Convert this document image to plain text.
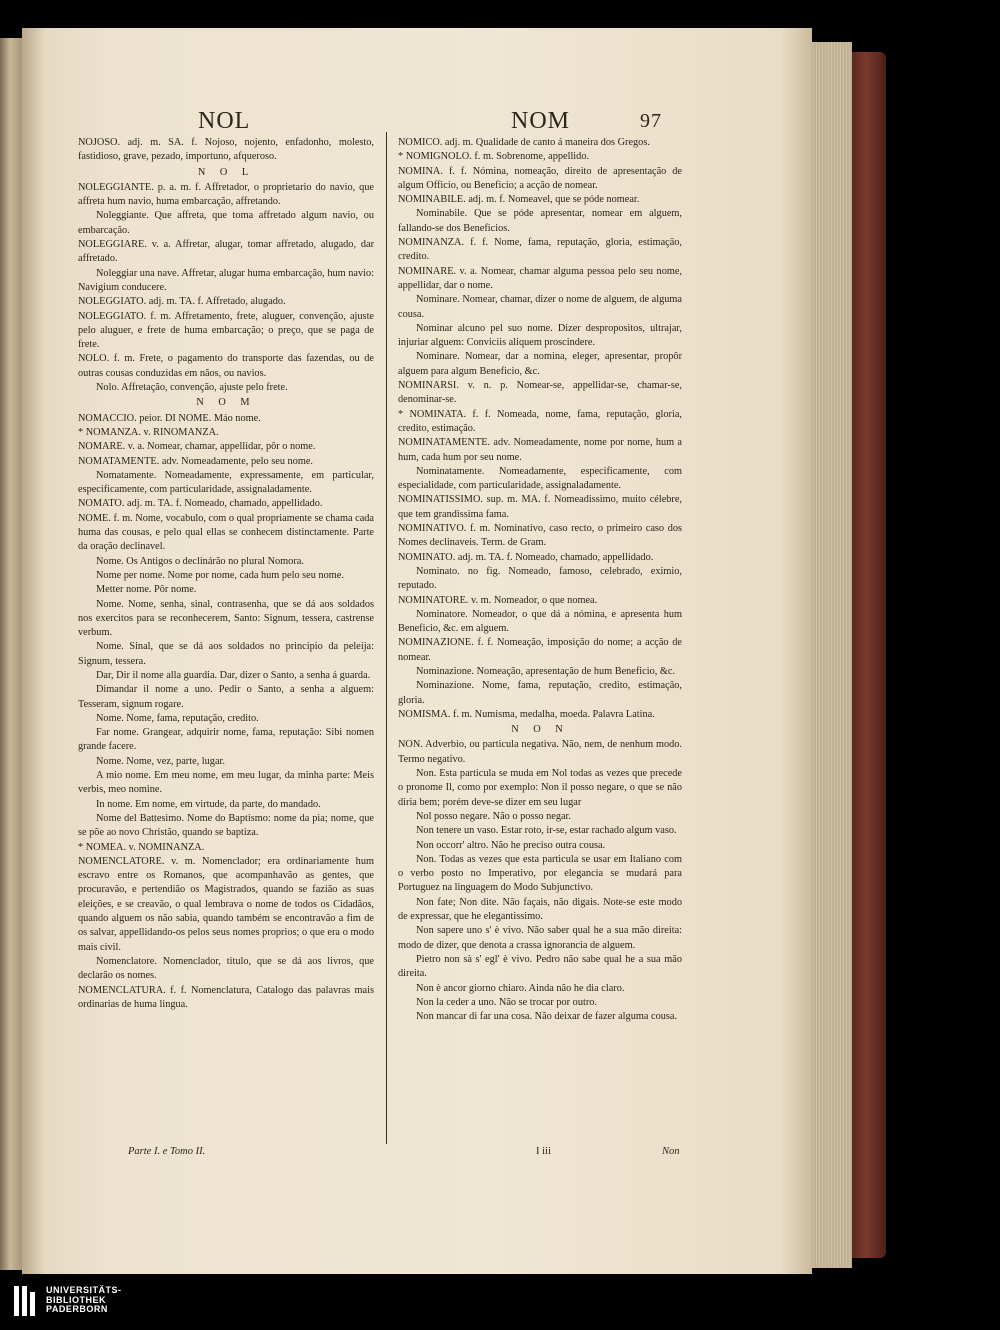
NOL	NOM	97

NOJOSO. adj. m. SA. f. Nojoso, nojento, enfadonho, molesto, fastidioso, grave, pezado, importuno, afqueroso.

N O L

NOLEGGIANTE. p. a. m. f. Affretador, o proprietario do navio, que affreta hum navio, huma embarcação, affretando.

Noleggiante. Que affreta, que toma affretado algum navio, ou embarcação.

NOLEGGIARE. v. a. Affretar, alugar, tomar affretado, alugado, dar affretado.

Noleggiar una nave. Affretar, alugar huma embarcação, hum navio: Navigium conducere.

NOLEGGIATO. adj. m. TA. f. Affretado, alugado.

NOLEGGIATO. f. m. Affretamento, frete, aluguer, convenção, ajuste pelo aluguer, e frete de huma embarcação; o preço, que se paga de frete.

NOLO. f. m. Frete, o pagamento do transporte das fazendas, ou de outras cousas conduzidas em nãos, ou navios.

Nolo. Affretação, convenção, ajuste pelo frete.

N O M

NOMACCIO. peior. DI NOME. Máo nome.

* NOMANZA. v. RINOMANZA.

NOMARE. v. a. Nomear, chamar, appellidar, pôr o nome.

NOMATAMENTE. adv. Nomeadamente, pelo seu nome.

Nomatamente. Nomeadamente, expressamente, em particular, especificamente, com particularidade, assignaladamente.

NOMATO. adj. m. TA. f. Nomeado, chamado, appellidado.

NOME. f. m. Nome, vocabulo, com o qual propriamente se chama cada huma das cousas, e pelo qual ellas se conhecem distinctamente. Parte da oração declinavel.

Nome. Os Antigos o declinárão no plural Nomora.

Nome per nome. Nome por nome, cada hum pelo seu nome.

Metter nome. Pôr nome.

Nome. Nome, senha, sinal, contrasenha, que se dá aos soldados nos exercitos para se reconhecerem, Santo: Signum, tessera, castrense verbum.

Nome. Sinal, que se dá aos soldados no principio da peleija: Signum, tessera.

Dar, Dir il nome alla guardia. Dar, dizer o Santo, a senha á guarda.

Dimandar il nome a uno. Pedir o Santo, a senha a alguem: Tesseram, signum rogare.

Nome. Nome, fama, reputação, credito.

Far nome. Grangear, adquirir nome, fama, reputação: Sibi nomen grande facere.

Nome. Nome, vez, parte, lugar.

A mio nome. Em meu nome, em meu lugar, da minha parte: Meis verbis, meo nomine.

In nome. Em nome, em virtude, da parte, do mandado.

Nome del Battesimo. Nome do Baptismo: nome da pia; nome, que se põe ao novo Christão, quando se baptiza.

* NOMEA. v. NOMINANZA.

NOMENCLATORE. v. m. Nomenclador; era ordinariamente hum escravo entre os Romanos, que acompanhavão as gentes, que procuravão, e pertendião os Magistrados, quando se fazião as suas eleições, e se creavão, o qual lembrava o nome de todos os Cidadãos, quando alguem os não sabia, quando também se encontravão a fim de os salvar, appellidando-os pelos seus nomes proprios; o que era o modo mais civil.

Nomenclatore. Nomenclador, titulo, que se dá aos livros, que declarão os nomes.

NOMENCLATURA. f. f. Nomenclatura, Catalogo das palavras mais ordinarias de huma lingua.

NOMICO. adj. m. Qualidade de canto á maneira dos Gregos.

* NOMIGNOLO. f. m. Sobrenome, appellido.

NOMINA. f. f. Nómina, nomeação, direito de apresentação de algum Officio, ou Beneficio; a acção de nomear.

NOMINABILE. adj. m. f. Nomeavel, que se póde nomear.

Nominabile. Que se póde apresentar, nomear em alguem, fallando-se dos Beneficios.

NOMINANZA. f. f. Nome, fama, reputação, gloria, estimação, credito.

NOMINARE. v. a. Nomear, chamar alguma pessoa pelo seu nome, appellidar, dar o nome.

Nominare. Nomear, chamar, dizer o nome de alguem, de alguma cousa.

Nominar alcuno pel suo nome. Dizer despropositos, ultrajar, injuriar alguem: Conviciis aliquem proscindere.

Nominare. Nomear, dar a nomina, eleger, apresentar, propôr alguem para algum Beneficio, &c.

NOMINARSI. v. n. p. Nomear-se, appellidar-se, chamar-se, denominar-se.

* NOMINATA. f. f. Nomeada, nome, fama, reputação, gloria, credito, estimação.

NOMINATAMENTE. adv. Nomeadamente, nome por nome, hum a hum, cada hum por seu nome.

Nominatamente. Nomeadamente, especificamente, com especialidade, com particularidade, assignaladamente.

NOMINATISSIMO. sup. m. MA. f. Nomeadissimo, muito célebre, que tem grandissima fama.

NOMINATIVO. f. m. Nominativo, caso recto, o primeiro caso dos Nomes declinaveis. Term. de Gram.

NOMINATO. adj. m. TA. f. Nomeado, chamado, appellidado.

Nominato. no fig. Nomeado, famoso, celebrado, eximio, reputado.

NOMINATORE. v. m. Nomeador, o que nomea.

Nominatore. Nomeador, o que dá a nómina, e apresenta hum Beneficio, &c. em alguem.

NOMINAZIONE. f. f. Nomeação, imposição do nome; a acção de nomear.

Nominazione. Nomeação, apresentação de hum Beneficio, &c.

Nominazione. Nome, fama, reputação, credito, estimação, gloria.

NOMISMA. f. m. Numisma, medalha, moeda. Palavra Latina.

N O N

NON. Adverbio, ou particula negativa. Não, nem, de nenhum modo. Termo negativo.

Non. Esta particula se muda em Nol todas as vezes que precede o pronome Il, como por exemplo: Non il posso negare, o que se não diria bem; porém deve-se dizer em seu lugar

Nol posso negare. Não o posso negar.

Non tenere un vaso. Estar roto, ir-se, estar rachado algum vaso.

Non occorr' altro. Não he preciso outra cousa.

Non. Todas as vezes que esta particula se usar em Italiano com o verbo posto no Imperativo, por elegancia se mudará para Portuguez na linguagem do Modo Subjunctivo.

Non fate; Non dite. Não façais, não digais. Note-se este modo de expressar, que he elegantissimo.

Non sapere uno s' è vivo. Não saber qual he a sua mão direita: modo de dizer, que denota a crassa ignorancia de alguem.

Pietro non sà s' egl' è vivo. Pedro não sabe qual he a sua mão direita.

Non è ancor giorno chiaro. Ainda não he dia claro.

Non la ceder a uno. Não se trocar por outro.

Non mancar di far una cosa. Não deixar de fazer alguma cousa.

Parte I. e Tomo II.	I iii	Non
UNIVERSITÄTS-
BIBLIOTHEK
PADERBORN
